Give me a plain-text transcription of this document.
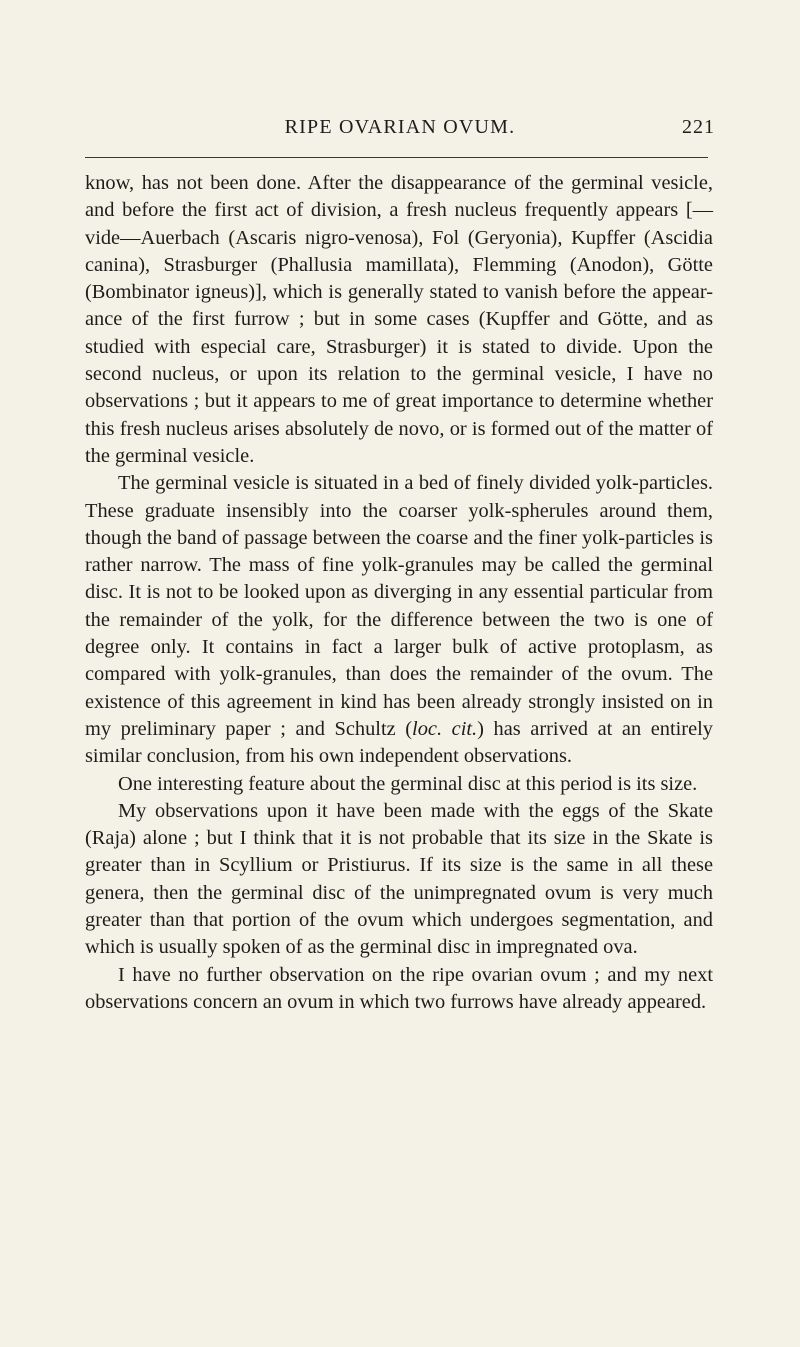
RIPE OVARIAN OVUM.	221

know, has not been done. After the disappearance of the germinal vesicle, and before the first act of division, a fresh nucleus frequently appears [—vide—Auerbach (Ascaris nigro-venosa), Fol (Geryonia), Kupffer (Ascidia canina), Strasburger (Phallusia mamillata), Flemming (Anodon), Götte (Bombinator igneus)], which is generally stated to vanish before the appear-ance of the first furrow ; but in some cases (Kupffer and Götte, and as studied with especial care, Strasburger) it is stated to divide. Upon the second nucleus, or upon its relation to the germinal vesicle, I have no observations ; but it appears to me of great importance to determine whether this fresh nucleus arises absolutely de novo, or is formed out of the matter of the germinal vesicle.

The germinal vesicle is situated in a bed of finely divided yolk-particles. These graduate insensibly into the coarser yolk-spherules around them, though the band of passage between the coarse and the finer yolk-particles is rather narrow. The mass of fine yolk-granules may be called the germinal disc. It is not to be looked upon as diverging in any essential particular from the remainder of the yolk, for the difference between the two is one of degree only. It contains in fact a larger bulk of active protoplasm, as compared with yolk-granules, than does the remainder of the ovum. The existence of this agreement in kind has been already strongly insisted on in my preliminary paper ; and Schultz (loc. cit.) has arrived at an entirely similar conclusion, from his own independent observations.

One interesting feature about the germinal disc at this period is its size.

My observations upon it have been made with the eggs of the Skate (Raja) alone ; but I think that it is not probable that its size in the Skate is greater than in Scyllium or Pristiurus. If its size is the same in all these genera, then the germinal disc of the unimpregnated ovum is very much greater than that portion of the ovum which undergoes segmentation, and which is usually spoken of as the germinal disc in impregnated ova.

I have no further observation on the ripe ovarian ovum ; and my next observations concern an ovum in which two furrows have already appeared.
